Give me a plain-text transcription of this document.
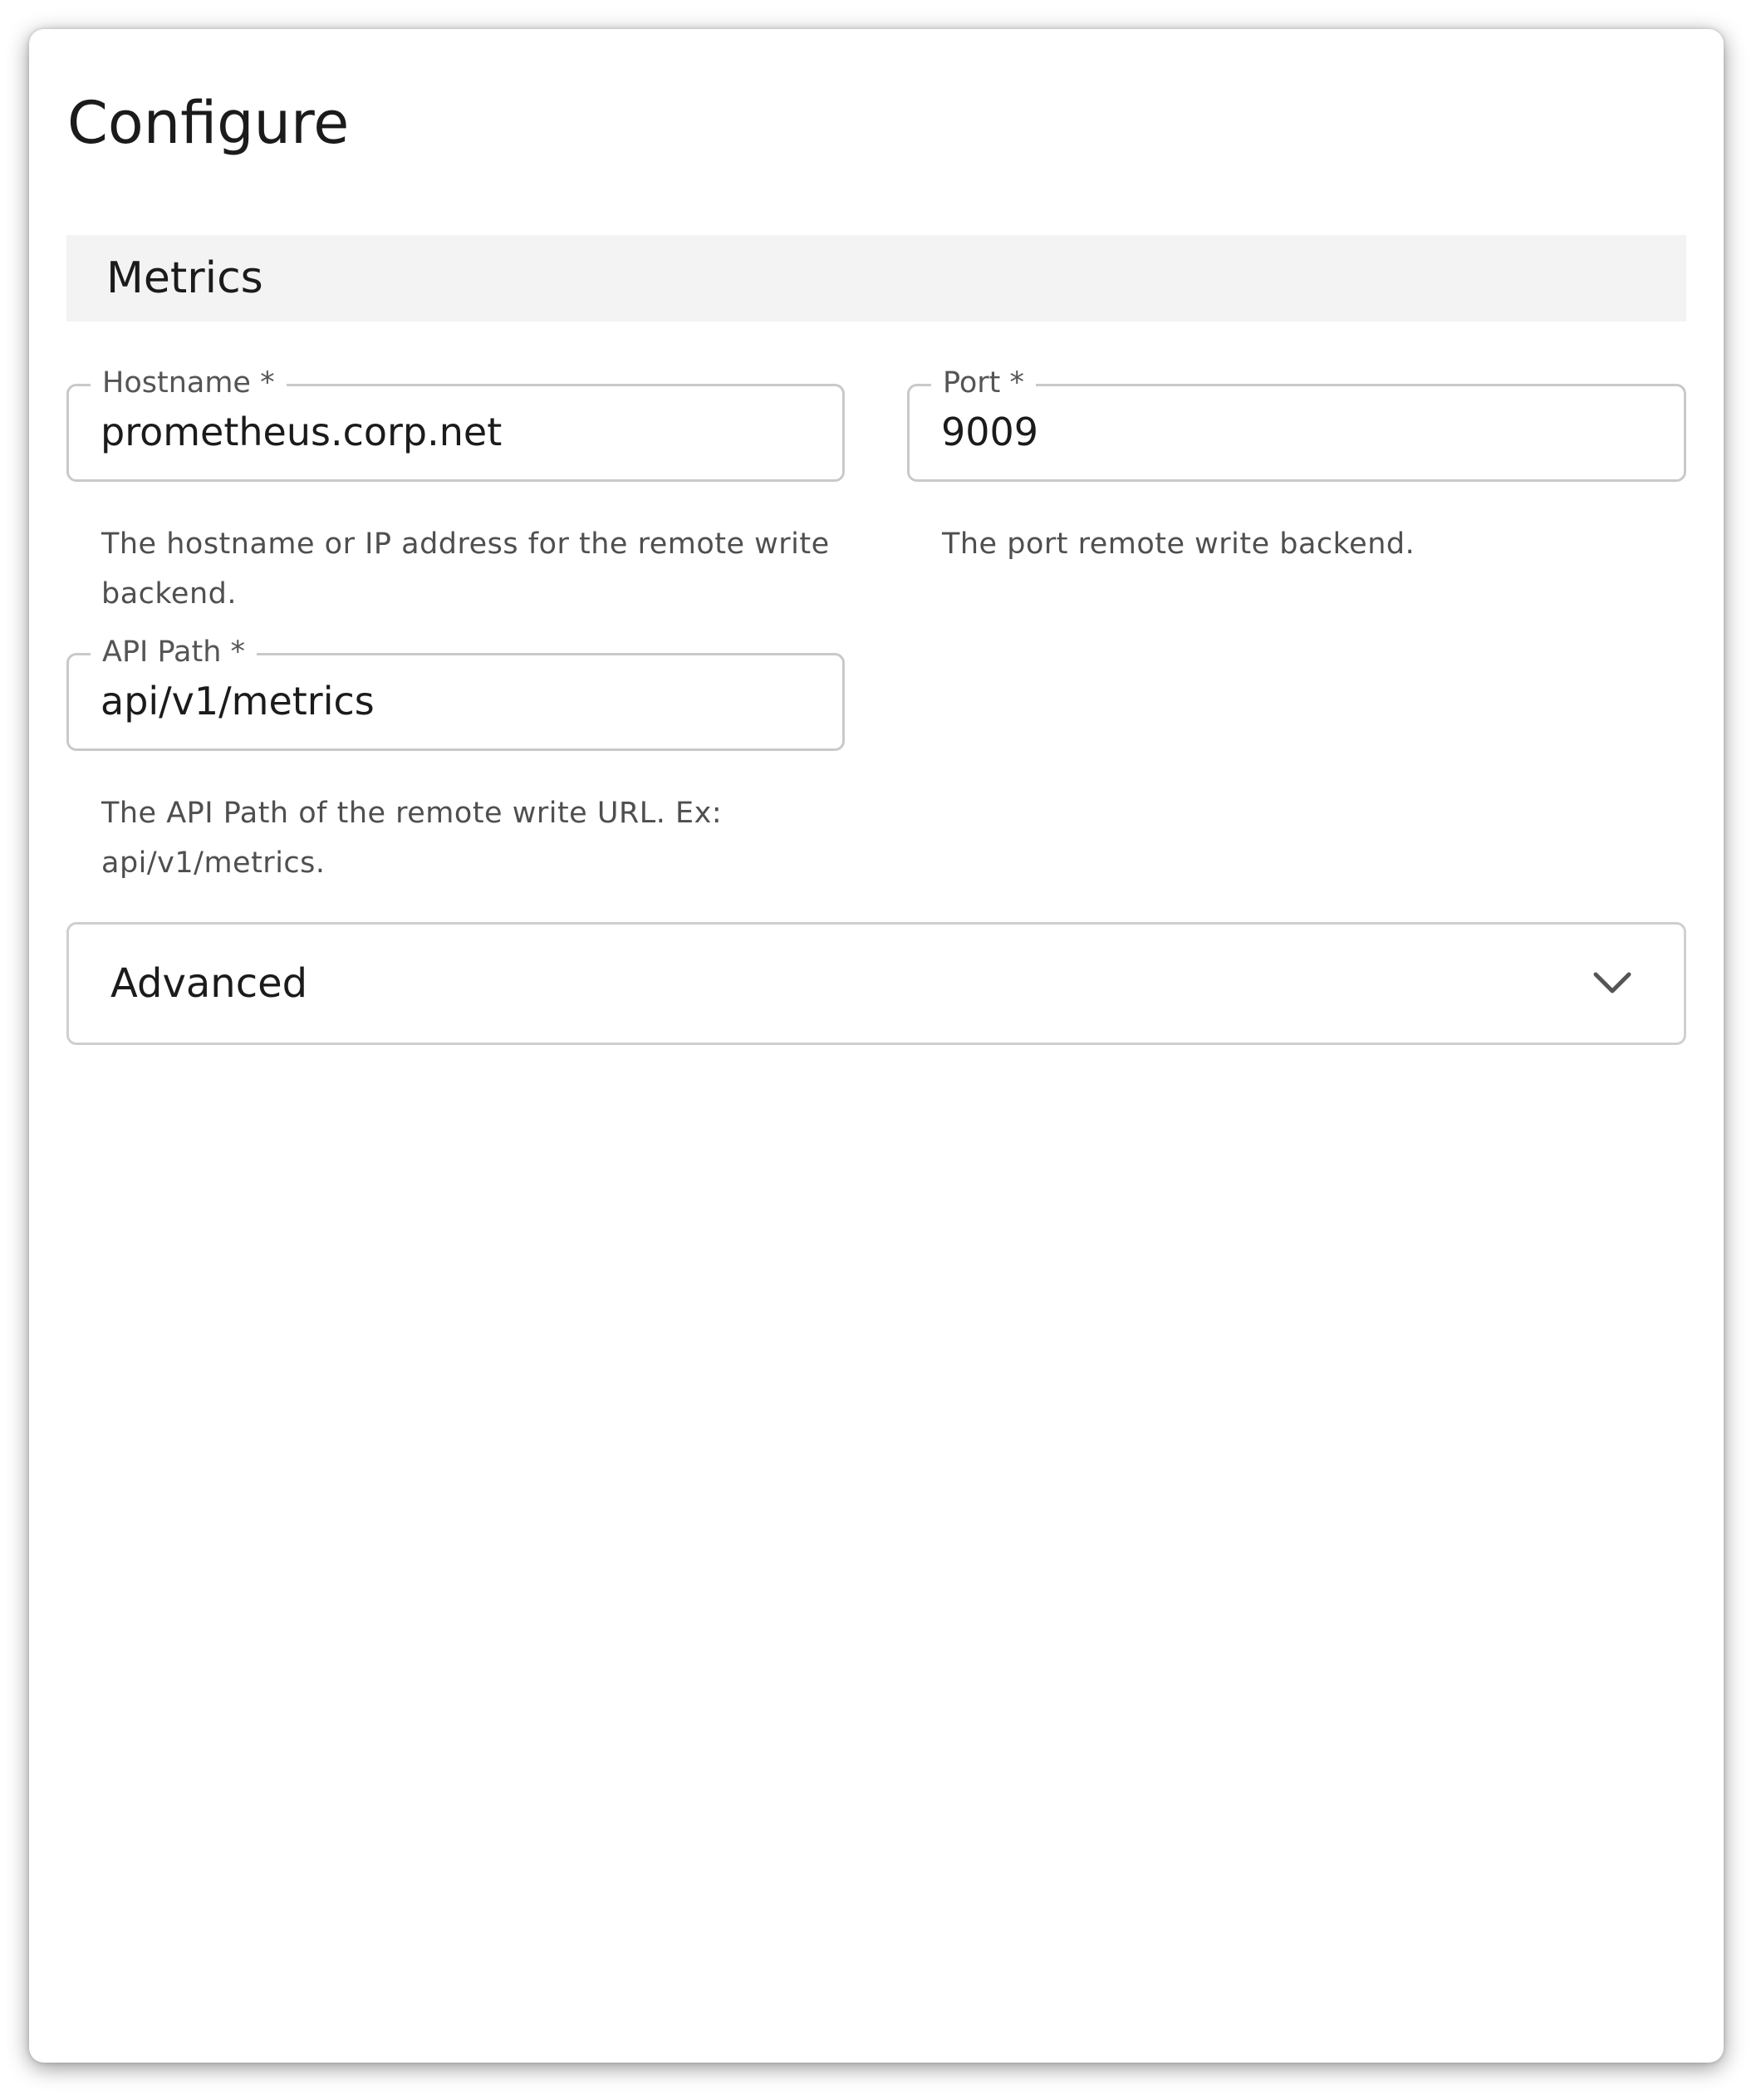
Configure
Metrics
Hostname *
prometheus.corp.net
The hostname or IP address for the remote write backend.
Port *
9009
The port remote write backend.
API Path *
api/v1/metrics
The API Path of the remote write URL. Ex: api/v1/metrics.
Advanced
